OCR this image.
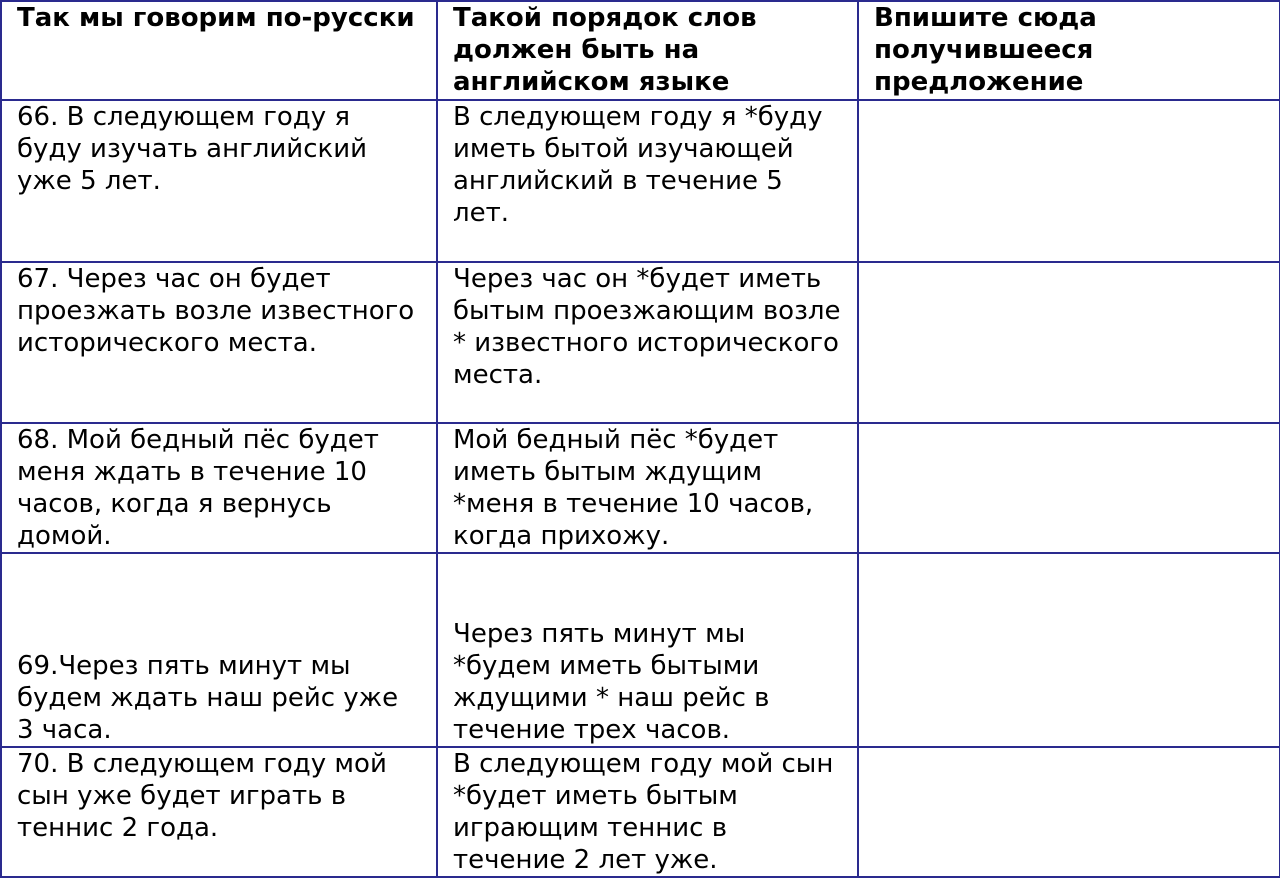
Так мы говорим по-русски	Такой порядок слов должен быть на английском языке	Впишите сюда получившееся предложение

66. В следующем году я буду изучать английский уже 5 лет.	В следующем году я *буду иметь бытой изучающей английский в течение 5 лет.	

67. Через час он будет проезжать возле известного исторического места.	Через час он *будет иметь бытым проезжающим возле * известного исторического места.	

68. Мой бедный пёс будет меня ждать в течение 10 часов, когда я вернусь домой.	Мой бедный пёс *будет иметь бытым ждущим *меня в течение 10 часов, когда прихожу.	

69.Через пять минут мы будем ждать наш рейс уже 3 часа.	Через пять минут мы *будем иметь бытыми ждущими * наш рейс в течение трех часов.	

70. В следующем году мой сын уже будет играть в теннис 2 года.	В следующем году мой сын *будет иметь бытым играющим теннис в течение 2 лет уже.	
